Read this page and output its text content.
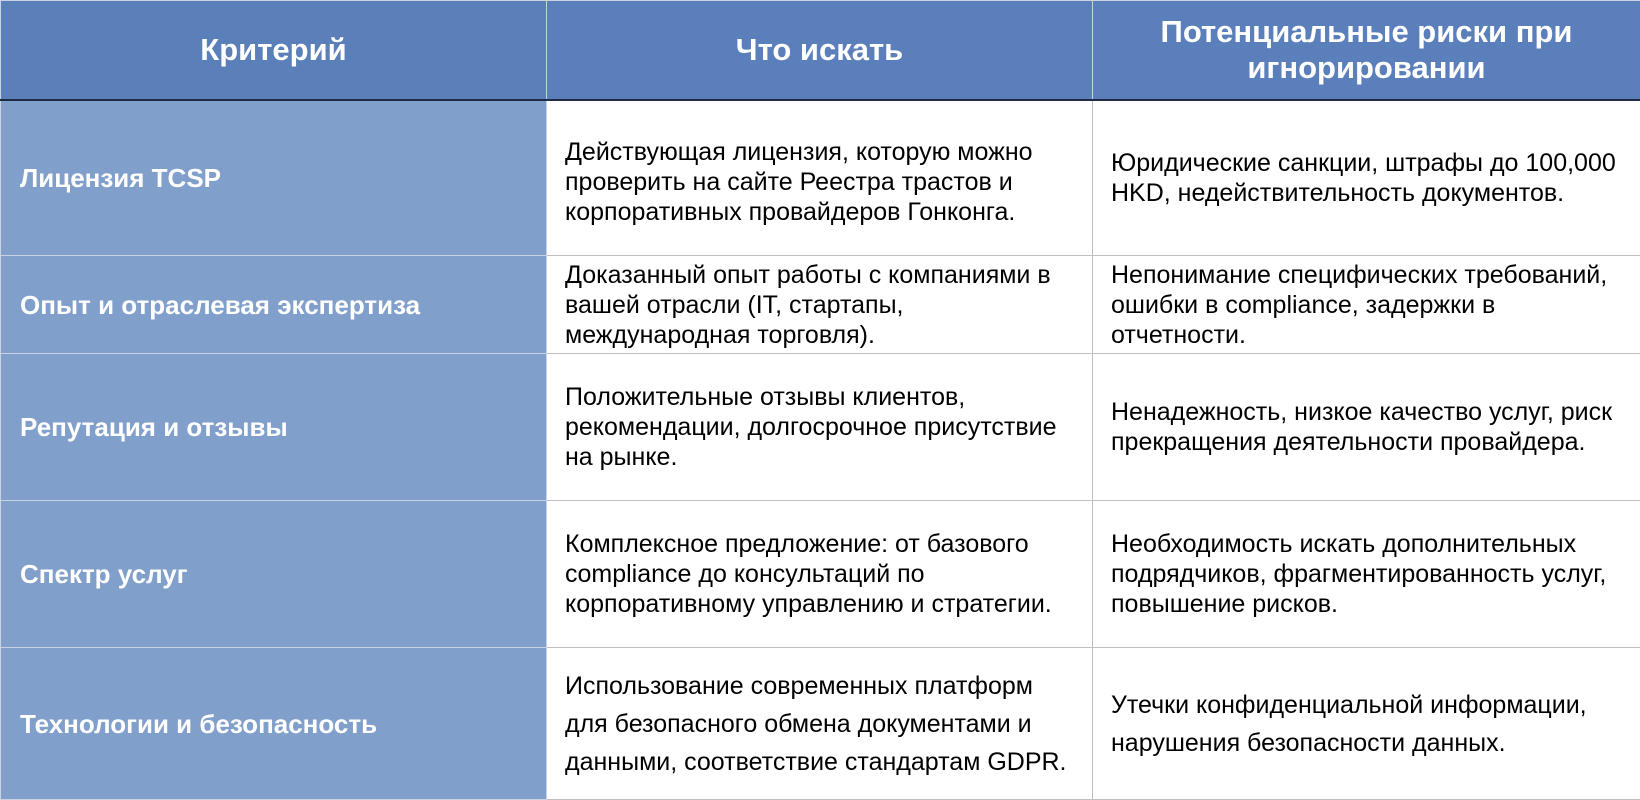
Критерий	Что искать	Потенциальные риски при игнорировании
Лицензия TCSP	Действующая лицензия, которую можно проверить на сайте Реестра трастов и корпоративных провайдеров Гонконга.	Юридические санкции, штрафы до 100,000 HKD, недействительность документов.
Опыт и отраслевая экспертиза	Доказанный опыт работы с компаниями в вашей отрасли (IT, стартапы, международная торговля).	Непонимание специфических требований, ошибки в compliance, задержки в отчетности.
Репутация и отзывы	Положительные отзывы клиентов, рекомендации, долгосрочное присутствие на рынке.	Ненадежность, низкое качество услуг, риск прекращения деятельности провайдера.
Спектр услуг	Комплексное предложение: от базового compliance до консультаций по корпоративному управлению и стратегии.	Необходимость искать дополнительных подрядчиков, фрагментированность услуг, повышение рисков.
Технологии и безопасность	Использование современных платформ для безопасного обмена документами и данными, соответствие стандартам GDPR.	Утечки конфиденциальной информации, нарушения безопасности данных.
